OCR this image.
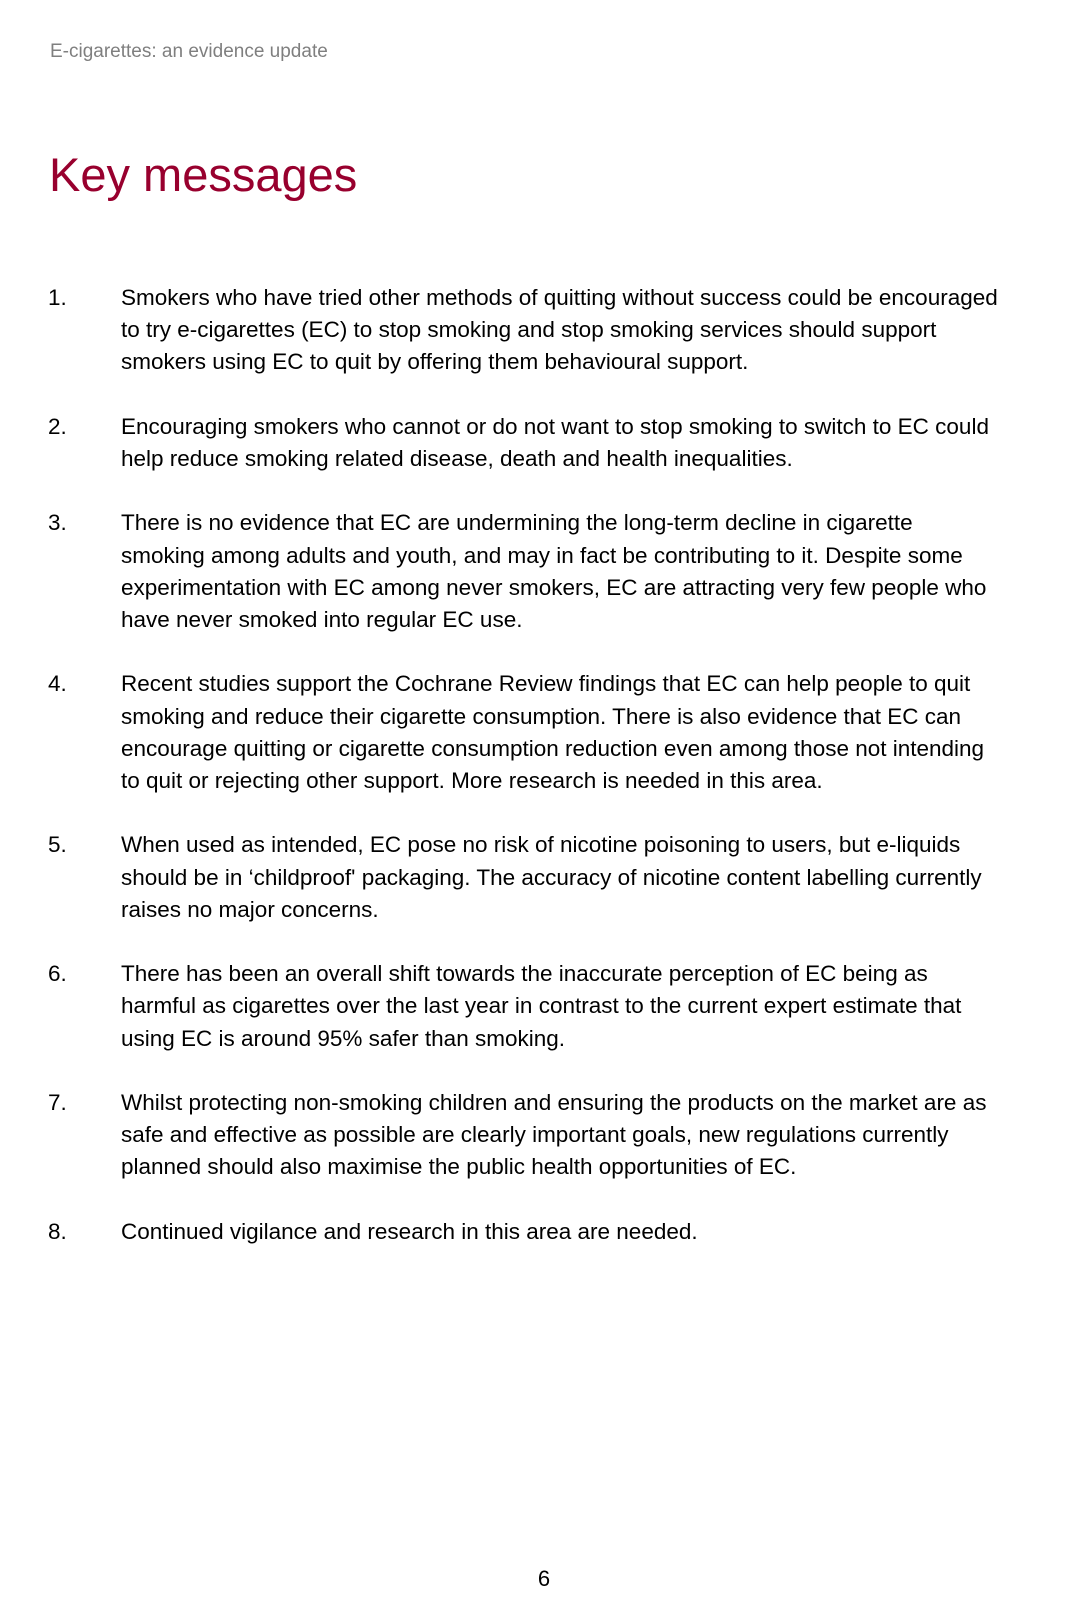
E-cigarettes: an evidence update
Key messages
1. Smokers who have tried other methods of quitting without success could be encouraged to try e-cigarettes (EC) to stop smoking and stop smoking services should support smokers using EC to quit by offering them behavioural support.
2. Encouraging smokers who cannot or do not want to stop smoking to switch to EC could help reduce smoking related disease, death and health inequalities.
3. There is no evidence that EC are undermining the long-term decline in cigarette smoking among adults and youth, and may in fact be contributing to it. Despite some experimentation with EC among never smokers, EC are attracting very few people who have never smoked into regular EC use.
4. Recent studies support the Cochrane Review findings that EC can help people to quit smoking and reduce their cigarette consumption. There is also evidence that EC can encourage quitting or cigarette consumption reduction even among those not intending to quit or rejecting other support. More research is needed in this area.
5. When used as intended, EC pose no risk of nicotine poisoning to users, but e-liquids should be in ‘childproof' packaging. The accuracy of nicotine content labelling currently raises no major concerns.
6. There has been an overall shift towards the inaccurate perception of EC being as harmful as cigarettes over the last year in contrast to the current expert estimate that using EC is around 95% safer than smoking.
7. Whilst protecting non-smoking children and ensuring the products on the market are as safe and effective as possible are clearly important goals, new regulations currently planned should also maximise the public health opportunities of EC.
8. Continued vigilance and research in this area are needed.
6
